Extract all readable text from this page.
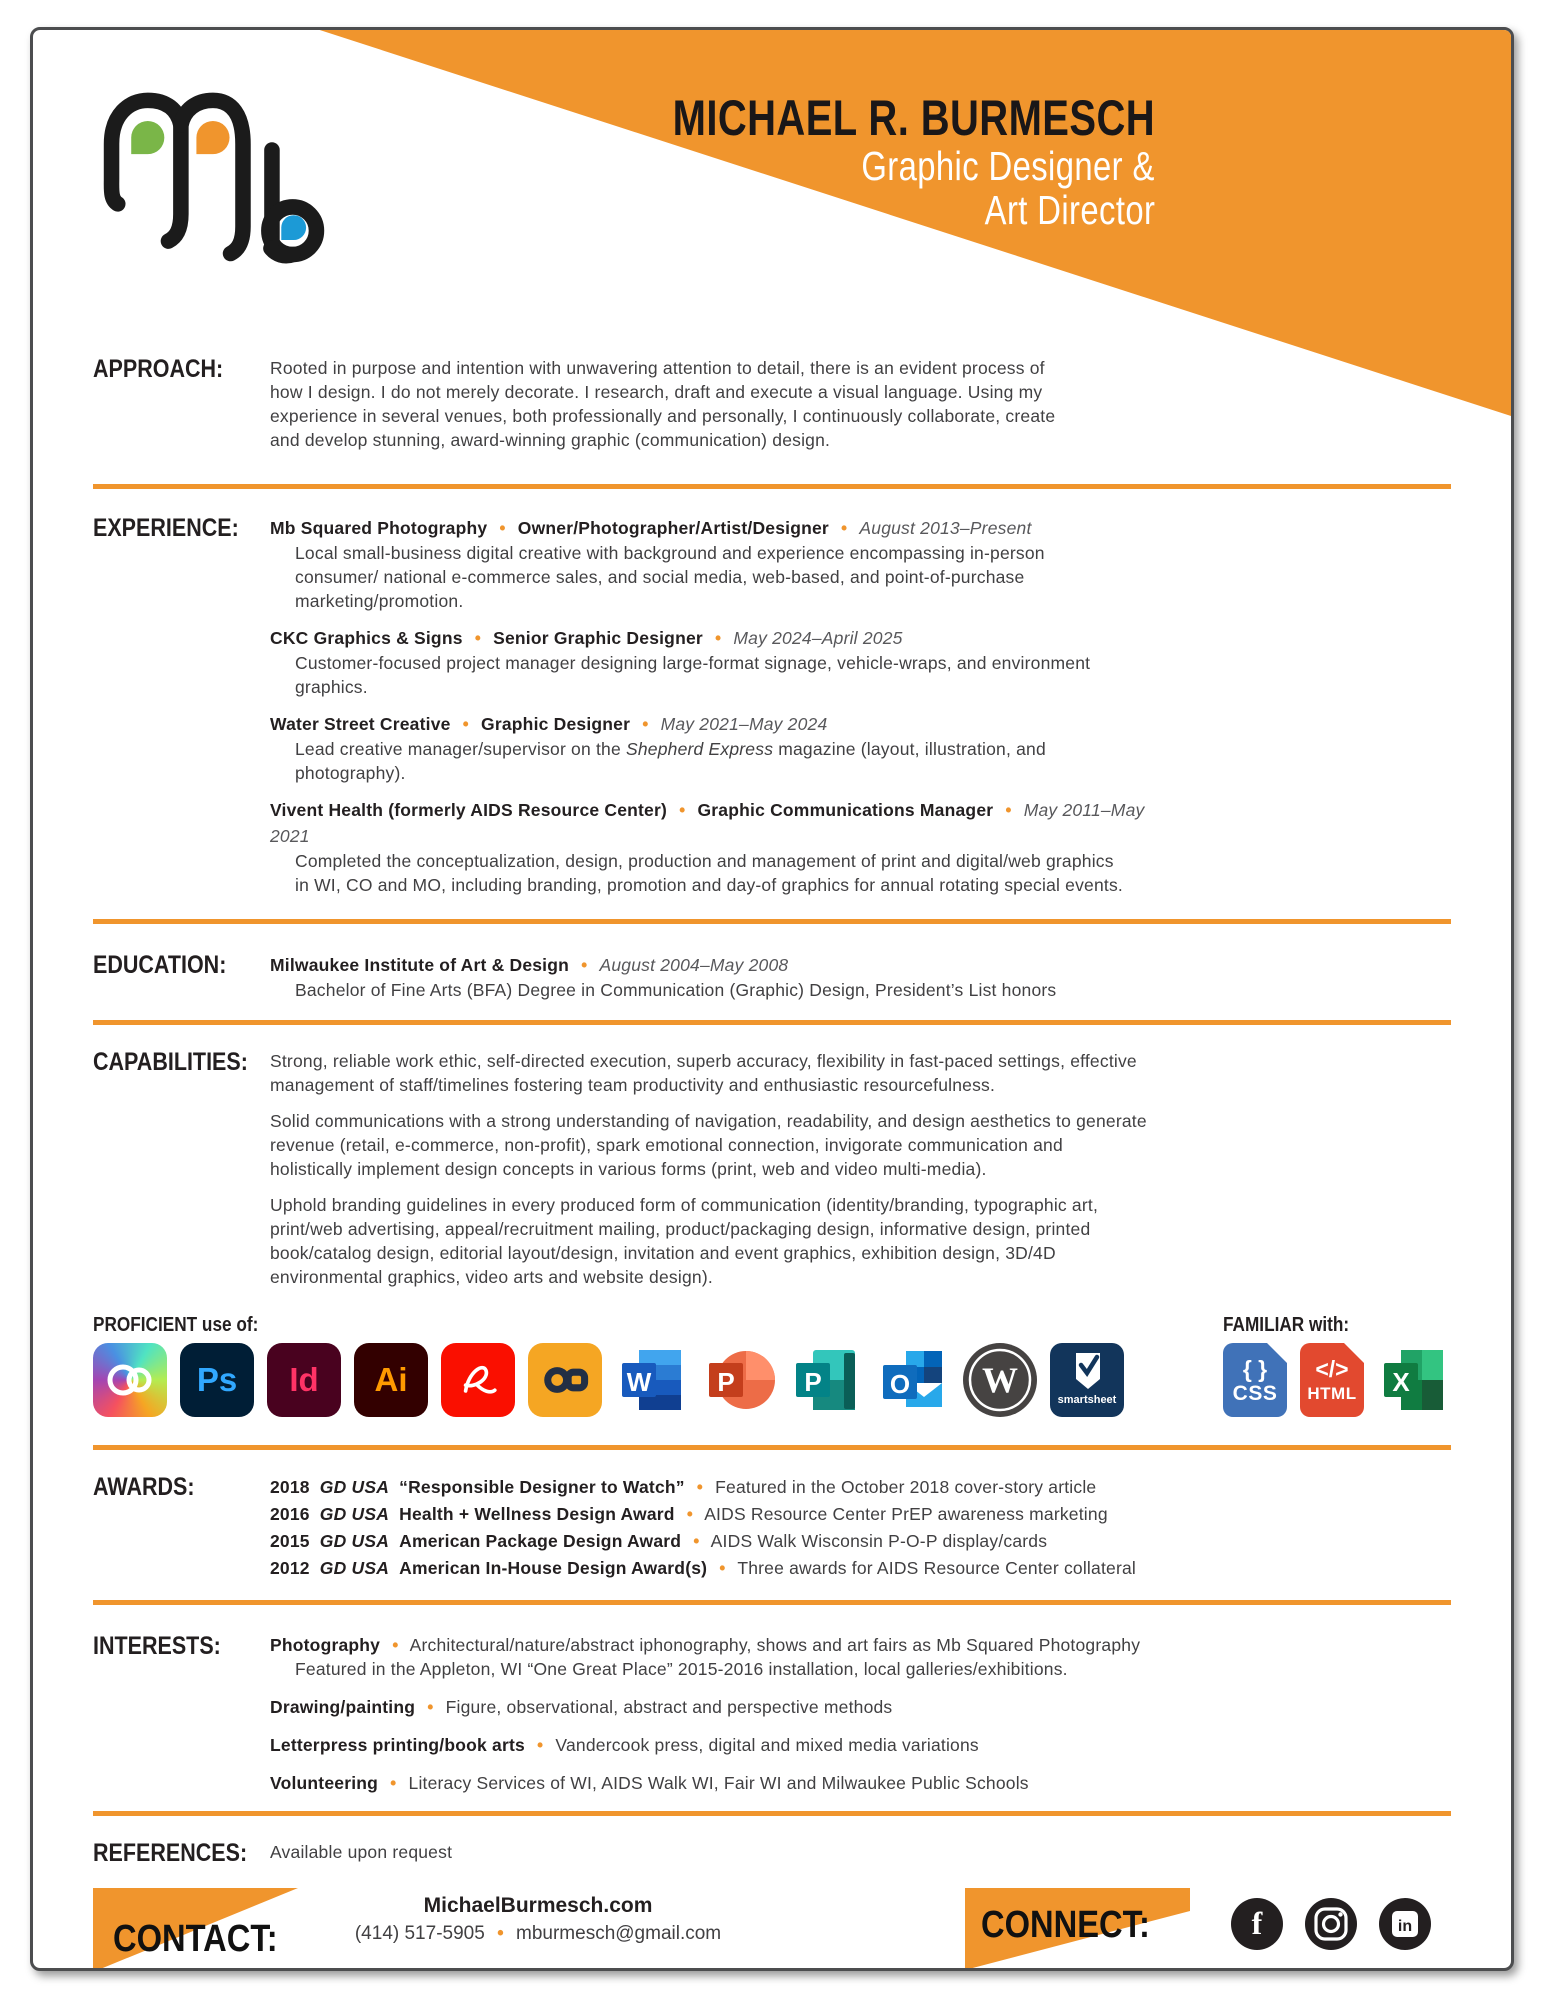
MICHAEL R. BURMESCH
Graphic Designer &
Art Director
APPROACH:	Rooted in purpose and intention with unwavering attention to detail, there is an evident process of how I design. I do not merely decorate. I research, draft and execute a visual language. Using my experience in several venues, both professionally and personally, I continuously collaborate, create and develop stunning, award-winning graphic (communication) design.
EXPERIENCE:	Mb Squared Photography • Owner/Photographer/Artist/Designer • August 2013–Present
Local small-business digital creative with background and experience encompassing in-person consumer/ national e-commerce sales, and social media, web-based, and point-of-purchase marketing/promotion.
CKC Graphics & Signs • Senior Graphic Designer • May 2024–April 2025
Customer-focused project manager designing large-format signage, vehicle-wraps, and environment graphics.
Water Street Creative • Graphic Designer • May 2021–May 2024
Lead creative manager/supervisor on the Shepherd Express magazine (layout, illustration, and photography).
Vivent Health (formerly AIDS Resource Center) • Graphic Communications Manager • May 2011–May 2021
Completed the conceptualization, design, production and management of print and digital/web graphics in WI, CO and MO, including branding, promotion and day-of graphics for annual rotating special events.
EDUCATION:	Milwaukee Institute of Art & Design • August 2004–May 2008
Bachelor of Fine Arts (BFA) Degree in Communication (Graphic) Design, President’s List honors
CAPABILITIES:	Strong, reliable work ethic, self-directed execution, superb accuracy, flexibility in fast-paced settings, effective management of staff/timelines fostering team productivity and enthusiastic resourcefulness.

Solid communications with a strong understanding of navigation, readability, and design aesthetics to generate revenue (retail, e-commerce, non-profit), spark emotional connection, invigorate communication and holistically implement design concepts in various forms (print, web and video multi-media).

Uphold branding guidelines in every produced form of communication (identity/branding, typographic art, print/web advertising, appeal/recruitment mailing, product/packaging design, informative design, printed book/catalog design, editorial layout/design, invitation and event graphics, exhibition design, 3D/4D environmental graphics, video arts and website design).

PROFICIENT use of:
Ps Id Ai	W	P	P	O W	smartsheet
FAMILIAR with:
{ }
CSS
</>
HTML X
AWARDS:	2018 GD USA “Responsible Designer to Watch” • Featured in the October 2018 cover-story article
2016 GD USA Health + Wellness Design Award • AIDS Resource Center PrEP awareness marketing
2015 GD USA American Package Design Award • AIDS Walk Wisconsin P-O-P display/cards
2012 GD USA American In-House Design Award(s) • Three awards for AIDS Resource Center collateral
INTERESTS:	Photography • Architectural/nature/abstract iphonography, shows and art fairs as Mb Squared Photography
Featured in the Appleton, WI “One Great Place” 2015-2016 installation, local galleries/exhibitions.
Drawing/painting • Figure, observational, abstract and perspective methods
Letterpress printing/book arts • Vandercook press, digital and mixed media variations
Volunteering • Literacy Services of WI, AIDS Walk WI, Fair WI and Milwaukee Public Schools
REFERENCES:	Available upon request
CONTACT:
MichaelBurmesch.com
(414) 517-5905 • mburmesch@gmail.com	CONNECT:	f	in
